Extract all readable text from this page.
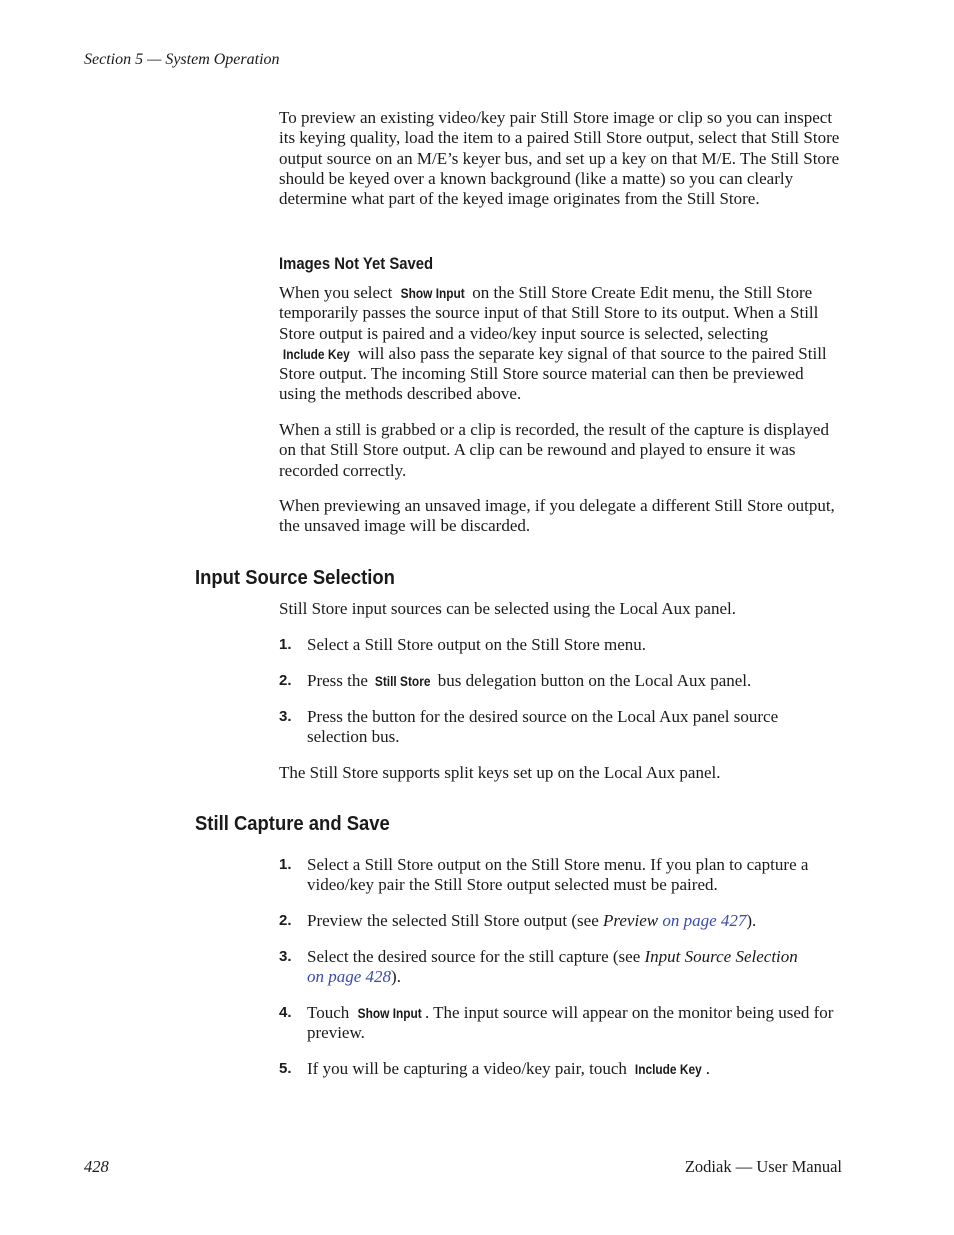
Section 5 — System Operation

To preview an existing video/key pair Still Store image or clip so you can inspect its keying quality, load the item to a paired Still Store output, select that Still Store output source on an M/E’s keyer bus, and set up a key on that M/E. The Still Store should be keyed over a known background (like a matte) so you can clearly determine what part of the keyed image originates from the Still Store.

Images Not Yet Saved

When you select Show Input on the Still Store Create Edit menu, the Still Store temporarily passes the source input of that Still Store to its output. When a Still Store output is paired and a video/key input source is selected, selecting Include Key will also pass the separate key signal of that source to the paired Still Store output. The incoming Still Store source material can then be previewed using the methods described above.

When a still is grabbed or a clip is recorded, the result of the capture is displayed on that Still Store output. A clip can be rewound and played to ensure it was recorded correctly.

When previewing an unsaved image, if you delegate a different Still Store output, the unsaved image will be discarded.

Input Source Selection

Still Store input sources can be selected using the Local Aux panel.

1. Select a Still Store output on the Still Store menu.
2. Press the Still Store bus delegation button on the Local Aux panel.
3. Press the button for the desired source on the Local Aux panel source selection bus.

The Still Store supports split keys set up on the Local Aux panel.

Still Capture and Save
1. Select a Still Store output on the Still Store menu. If you plan to capture a video/key pair the Still Store output selected must be paired.
2. Preview the selected Still Store output (see Preview on page 427).
3. Select the desired source for the still capture (see Input Source Selection
on page 428).
4. Touch Show Input . The input source will appear on the monitor being used for preview.
5. If you will be capturing a video/key pair, touch Include Key .
428	Zodiak — User Manual
